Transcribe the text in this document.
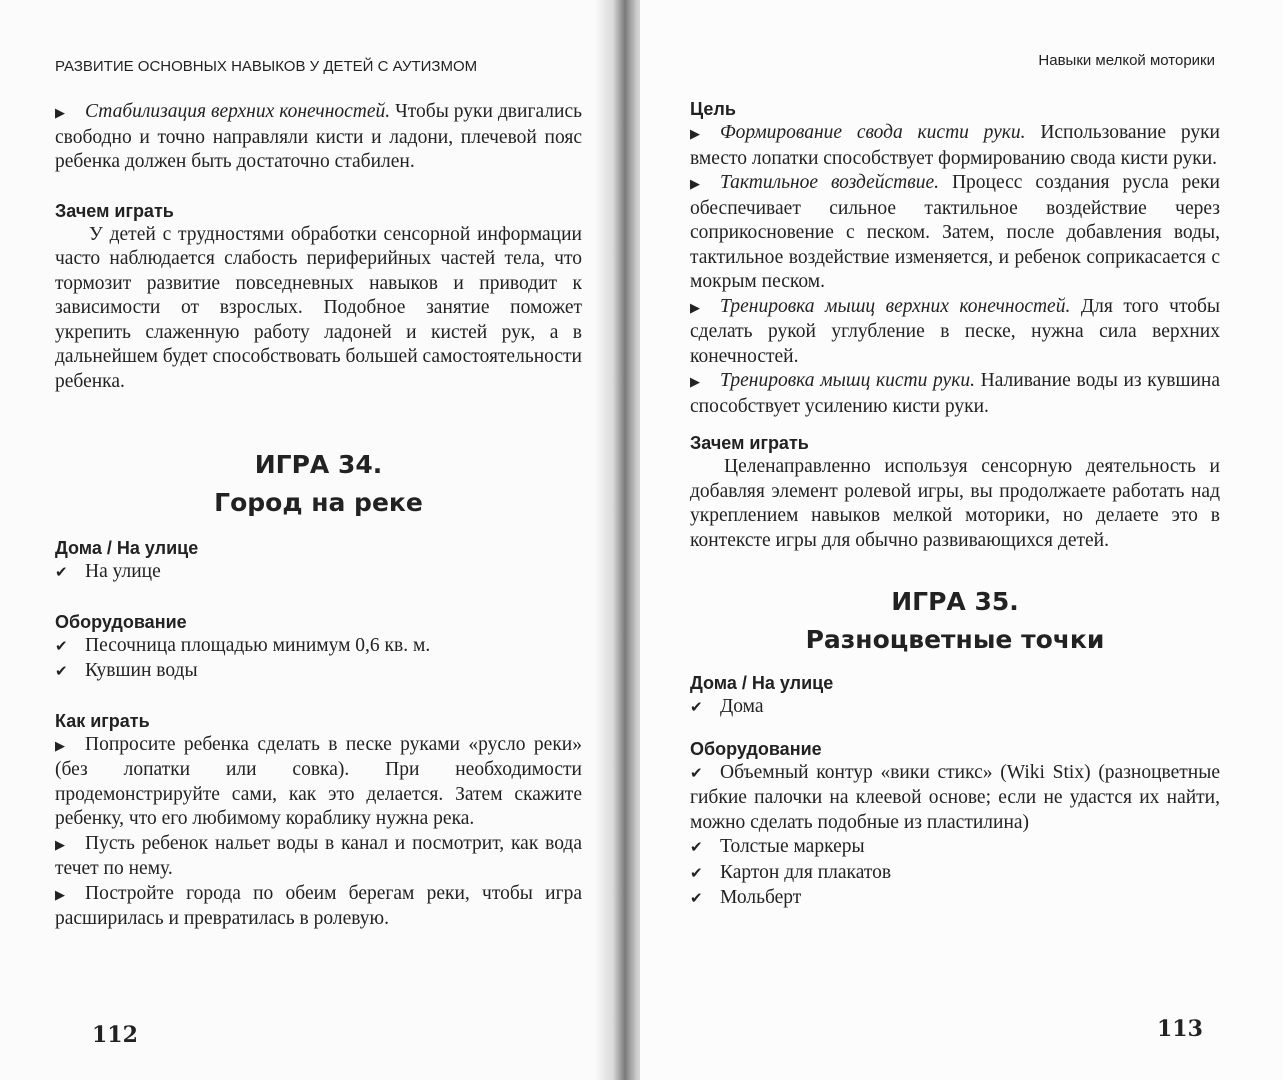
РАЗВИТИЕ ОСНОВНЫХ НАВЫКОВ У ДЕТЕЙ С АУТИЗМОМ

▶ Стабилизация верхних конечностей. Чтобы руки двигались свободно и точно направляли кисти и ладони, плечевой пояс ребенка должен быть достаточно стабилен.

Зачем играть

У детей с трудностями обработки сенсорной информации часто наблюдается слабость периферийных частей тела, что тормозит развитие повседневных навыков и приводит к зависимости от взрослых. Подобное занятие поможет укрепить слаженную работу ладоней и кистей рук, а в дальнейшем будет способствовать большей самостоятельности ребенка.

ИГРА 34.

Город на реке

Дома / На улице

✔ На улице

Оборудование

✔ Песочница площадью минимум 0,6 кв. м.

✔ Кувшин воды

Как играть

▶ Попросите ребенка сделать в песке руками «русло реки» (без лопатки или совка). При необходимости продемонстрируйте сами, как это делается. Затем скажите ребенку, что его любимому кораблику нужна река.

▶ Пусть ребенок нальет воды в канал и посмотрит, как вода течет по нему.

▶ Постройте города по обеим берегам реки, чтобы игра расширилась и превратилась в ролевую.

112
Навыки мелкой моторики

Цель

▶ Формирование свода кисти руки. Использование руки вместо лопатки способствует формированию свода кисти руки.

▶ Тактильное воздействие. Процесс создания русла реки обеспечивает сильное тактильное воздействие через соприкосновение с песком. Затем, после добавления воды, тактильное воздействие изменяется, и ребенок соприкасается с мокрым песком.

▶ Тренировка мышц верхних конечностей. Для того чтобы сделать рукой углубление в песке, нужна сила верхних конечностей.

▶ Тренировка мышц кисти руки. Наливание воды из кувшина способствует усилению кисти руки.

Зачем играть

Целенаправленно используя сенсорную деятельность и добавляя элемент ролевой игры, вы продолжаете работать над укреплением навыков мелкой моторики, но делаете это в контексте игры для обычно развивающихся детей.

ИГРА 35.

Разноцветные точки

Дома / На улице

✔ Дома

Оборудование

✔ Объемный контур «вики стикс» (Wiki Stix) (разноцветные гибкие палочки на клеевой основе; если не удастся их найти, можно сделать подобные из пластилина)

✔ Толстые маркеры

✔ Картон для плакатов

✔ Мольберт

113
